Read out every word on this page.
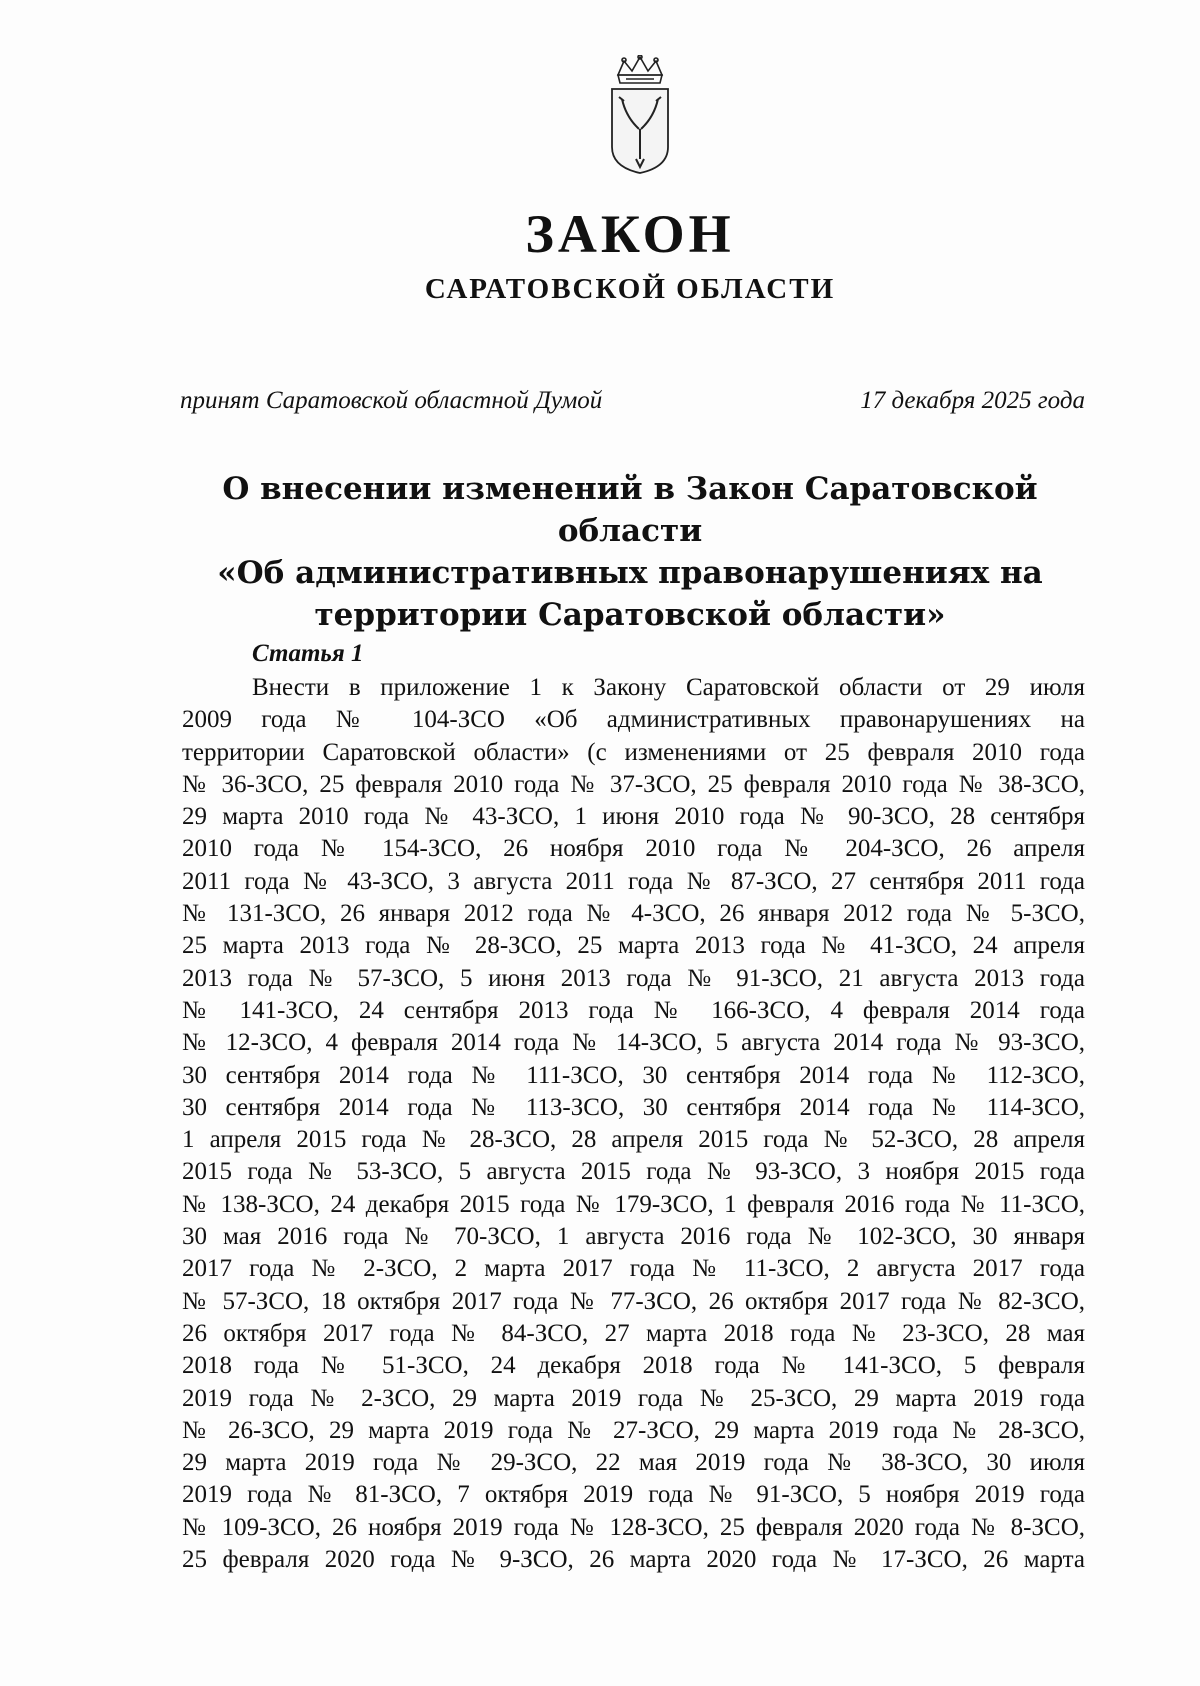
ЗАКОН
САРАТОВСКОЙ ОБЛАСТИ
принят Саратовской областной Думой	17 декабря 2025 года
О внесении изменений в Закон Саратовской области
«Об административных правонарушениях на
территории Саратовской области»
Статья 1
Внести в приложение 1 к Закону Саратовской области от 29 июля
2009 года № 104-ЗСО «Об административных правонарушениях на
территории Саратовской области» (с изменениями от 25 февраля 2010 года
№ 36-ЗСО, 25 февраля 2010 года № 37-ЗСО, 25 февраля 2010 года № 38-ЗСО,
29 марта 2010 года № 43-ЗСО, 1 июня 2010 года № 90-ЗСО, 28 сентября
2010 года № 154-ЗСО, 26 ноября 2010 года № 204-ЗСО, 26 апреля
2011 года № 43-ЗСО, 3 августа 2011 года № 87-ЗСО, 27 сентября 2011 года
№ 131-ЗСО, 26 января 2012 года № 4-ЗСО, 26 января 2012 года № 5-ЗСО,
25 марта 2013 года № 28-ЗСО, 25 марта 2013 года № 41-ЗСО, 24 апреля
2013 года № 57-ЗСО, 5 июня 2013 года № 91-ЗСО, 21 августа 2013 года
№ 141-ЗСО, 24 сентября 2013 года № 166-ЗСО, 4 февраля 2014 года
№ 12-ЗСО, 4 февраля 2014 года № 14-ЗСО, 5 августа 2014 года № 93-ЗСО,
30 сентября 2014 года № 111-ЗСО, 30 сентября 2014 года № 112-ЗСО,
30 сентября 2014 года № 113-ЗСО, 30 сентября 2014 года № 114-ЗСО,
1 апреля 2015 года № 28-ЗСО, 28 апреля 2015 года № 52-ЗСО, 28 апреля
2015 года № 53-ЗСО, 5 августа 2015 года № 93-ЗСО, 3 ноября 2015 года
№ 138-ЗСО, 24 декабря 2015 года № 179-ЗСО, 1 февраля 2016 года № 11-ЗСО,
30 мая 2016 года № 70-ЗСО, 1 августа 2016 года № 102-ЗСО, 30 января
2017 года № 2-ЗСО, 2 марта 2017 года № 11-ЗСО, 2 августа 2017 года
№ 57-ЗСО, 18 октября 2017 года № 77-ЗСО, 26 октября 2017 года № 82-ЗСО,
26 октября 2017 года № 84-ЗСО, 27 марта 2018 года № 23-ЗСО, 28 мая
2018 года № 51-ЗСО, 24 декабря 2018 года № 141-ЗСО, 5 февраля
2019 года № 2-ЗСО, 29 марта 2019 года № 25-ЗСО, 29 марта 2019 года
№ 26-ЗСО, 29 марта 2019 года № 27-ЗСО, 29 марта 2019 года № 28-ЗСО,
29 марта 2019 года № 29-ЗСО, 22 мая 2019 года № 38-ЗСО, 30 июля
2019 года № 81-ЗСО, 7 октября 2019 года № 91-ЗСО, 5 ноября 2019 года
№ 109-ЗСО, 26 ноября 2019 года № 128-ЗСО, 25 февраля 2020 года № 8-ЗСО,
25 февраля 2020 года № 9-ЗСО, 26 марта 2020 года № 17-ЗСО, 26 марта
